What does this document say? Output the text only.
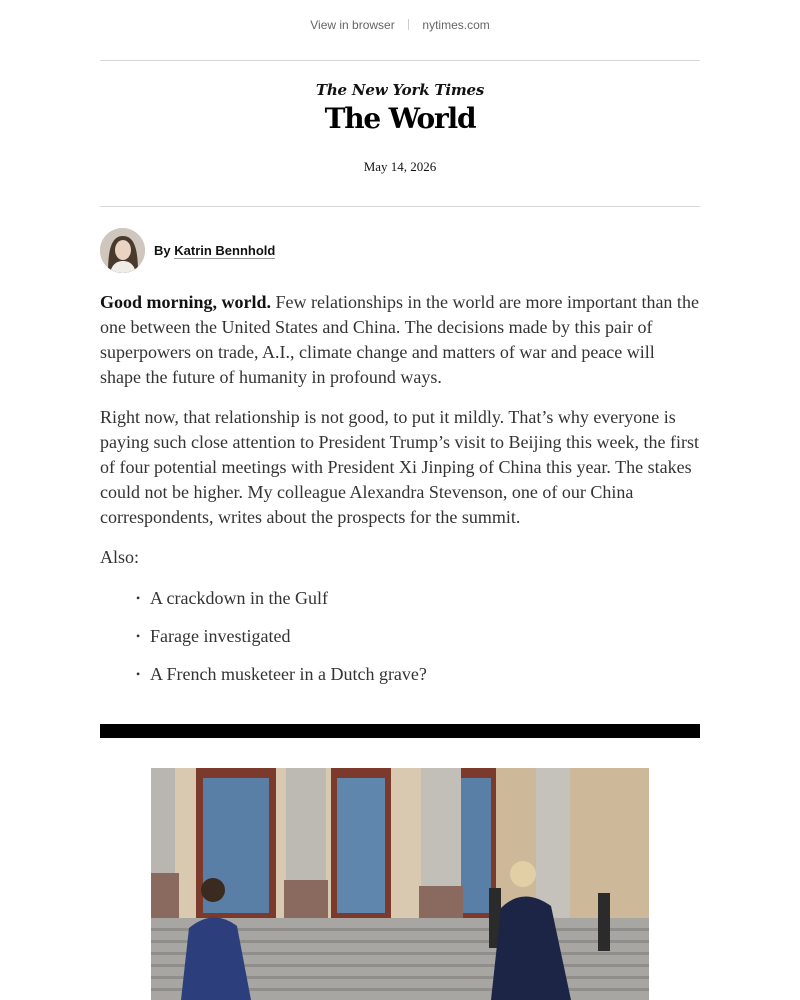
View in browser nytimes.com
The New York Times
The World
May 14, 2026
By Katrin Bennhold

Good morning, world. Few relationships in the world are more important than the one between the United States and China. The decisions made by this pair of superpowers on trade, A.I., climate change and matters of war and peace will shape the future of humanity in profound ways.

Right now, that relationship is not good, to put it mildly. That’s why everyone is paying such close attention to President Trump’s visit to Beijing this week, the first of four potential meetings with President Xi Jinping of China this year. The stakes could not be higher. My colleague Alexandra Stevenson, one of our China correspondents, writes about the prospects for the summit.

Also:

• A crackdown in the Gulf
• Farage investigated
• A French musketeer in a Dutch grave?
